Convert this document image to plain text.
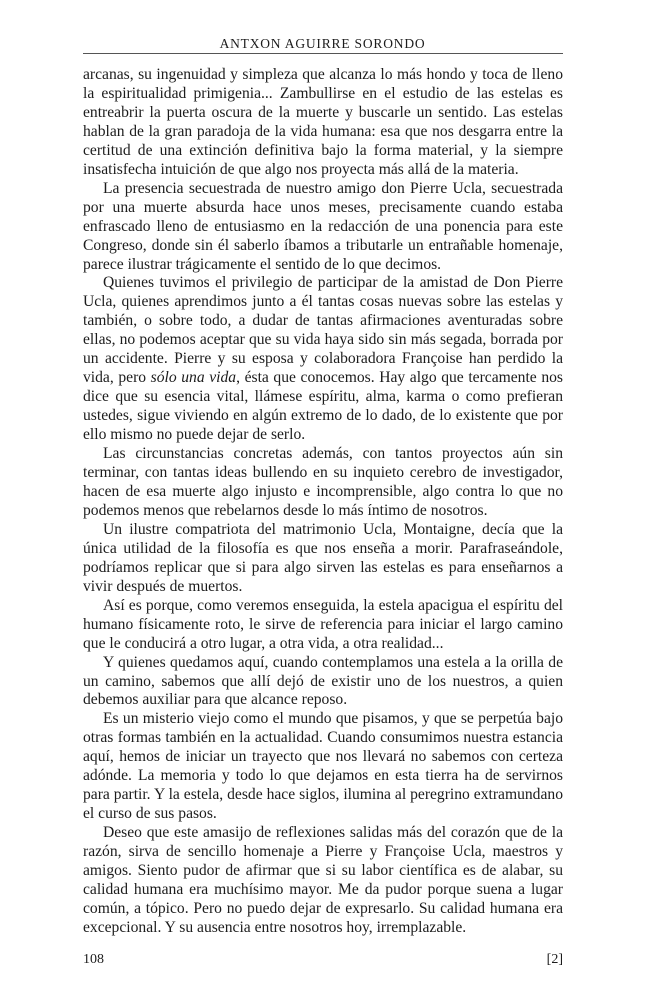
ANTXON AGUIRRE SORONDO

arcanas, su ingenuidad y simpleza que alcanza lo más hondo y toca de lleno la espiritualidad primigenia... Zambullirse en el estudio de las estelas es entreabrir la puerta oscura de la muerte y buscarle un sentido. Las estelas hablan de la gran paradoja de la vida humana: esa que nos desgarra entre la certitud de una extinción definitiva bajo la forma material, y la siempre insatisfecha intuición de que algo nos proyecta más allá de la materia.

La presencia secuestrada de nuestro amigo don Pierre Ucla, secuestrada por una muerte absurda hace unos meses, precisamente cuando estaba enfrascado lleno de entusiasmo en la redacción de una ponencia para este Congreso, donde sin él saberlo íbamos a tributarle un entrañable homenaje, parece ilustrar trágicamente el sentido de lo que decimos.

Quienes tuvimos el privilegio de participar de la amistad de Don Pierre Ucla, quienes aprendimos junto a él tantas cosas nuevas sobre las estelas y también, o sobre todo, a dudar de tantas afirmaciones aventuradas sobre ellas, no podemos aceptar que su vida haya sido sin más segada, borrada por un accidente. Pierre y su esposa y colaboradora Françoise han perdido la vida, pero sólo una vida, ésta que conocemos. Hay algo que tercamente nos dice que su esencia vital, llámese espíritu, alma, karma o como prefieran ustedes, sigue viviendo en algún extremo de lo dado, de lo existente que por ello mismo no puede dejar de serlo.

Las circunstancias concretas además, con tantos proyectos aún sin terminar, con tantas ideas bullendo en su inquieto cerebro de investigador, hacen de esa muerte algo injusto e incomprensible, algo contra lo que no podemos menos que rebelarnos desde lo más íntimo de nosotros.

Un ilustre compatriota del matrimonio Ucla, Montaigne, decía que la única utilidad de la filosofía es que nos enseña a morir. Parafraseándole, podríamos replicar que si para algo sirven las estelas es para enseñarnos a vivir después de muertos.

Así es porque, como veremos enseguida, la estela apacigua el espíritu del humano físicamente roto, le sirve de referencia para iniciar el largo camino que le conducirá a otro lugar, a otra vida, a otra realidad...

Y quienes quedamos aquí, cuando contemplamos una estela a la orilla de un camino, sabemos que allí dejó de existir uno de los nuestros, a quien debemos auxiliar para que alcance reposo.

Es un misterio viejo como el mundo que pisamos, y que se perpetúa bajo otras formas también en la actualidad. Cuando consumimos nuestra estancia aquí, hemos de iniciar un trayecto que nos llevará no sabemos con certeza adónde. La memoria y todo lo que dejamos en esta tierra ha de servirnos para partir. Y la estela, desde hace siglos, ilumina al peregrino extramundano el curso de sus pasos.

Deseo que este amasijo de reflexiones salidas más del corazón que de la razón, sirva de sencillo homenaje a Pierre y Françoise Ucla, maestros y amigos. Siento pudor de afirmar que si su labor científica es de alabar, su calidad humana era muchísimo mayor. Me da pudor porque suena a lugar común, a tópico. Pero no puedo dejar de expresarlo. Su calidad humana era excepcional. Y su ausencia entre nosotros hoy, irremplazable.

108	[2]
